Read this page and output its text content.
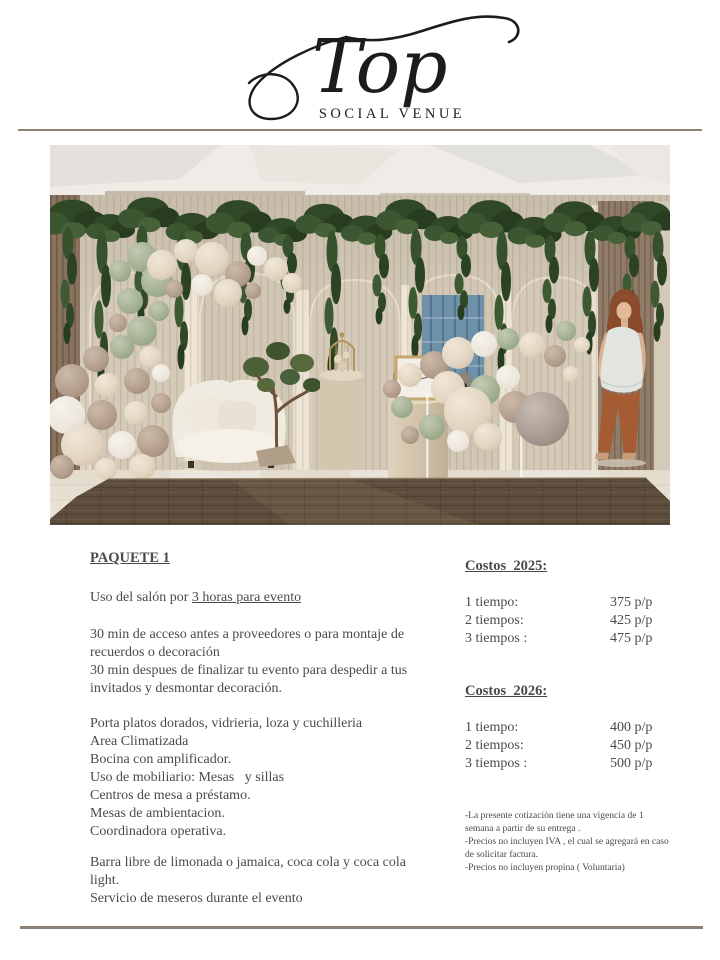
Top
SOCIAL VENUE
PAQUETE 1

Uso del salón por 3 horas para evento

30 min de acceso antes a proveedores o para montaje de recuerdos o decoración

30 min despues de finalizar tu evento para despedir a tus invitados y desmontar decoración.

Porta platos dorados, vidrieria, loza y cuchilleria

Area Climatizada

Bocina con amplificador.

Uso de mobiliario: Mesas   y sillas

Centros de mesa a préstamo.

Mesas de ambientacion.

Coordinadora operativa.

Barra libre de limonada o jamaica, coca cola y coca cola light.

Servicio de meseros durante el evento

Costos  2025:
1 tiempo:	375 p/p
2 tiempos:	425 p/p
3 tiempos :	475 p/p
Costos  2026:
1 tiempo:	400 p/p
2 tiempos:	450 p/p
3 tiempos :	500 p/p

-La presente cotizaciòn tiene una vigencia de 1 semana a partir de su entrega .

-Precios no incluyen IVA , el cual se agregará en caso de solicitar factura.

-Precios no incluyen propina ( Voluntaria)
